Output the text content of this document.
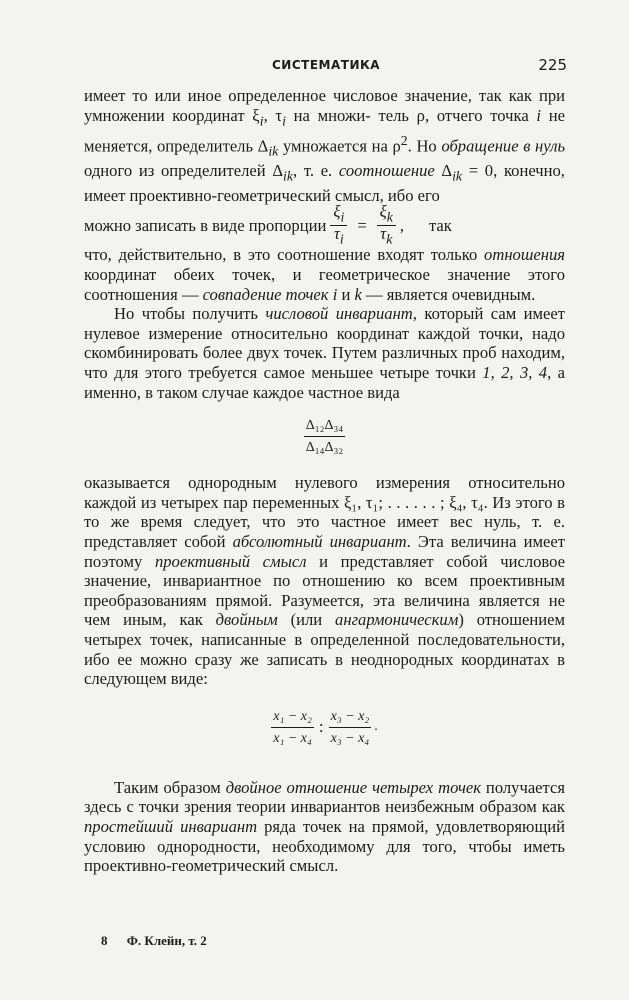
СИСТЕМАТИКА	225

имеет то или иное определенное числовое значение, так как при умножении координат $\xi_i$, $\tau_i$ на множи- тель ρ, отчего точка i не меняется, определитель $\Delta_{ik}$ умножается на $\rho^2$. Но обращение в нуль одного из определителей $\Delta_{ik}$, т. е. соотношение $\Delta_{ik} = 0$, конечно, имеет проективно-геометрический смысл, ибо его

можно записать в виде пропорции $\frac{\xi_i}{\tau_i} = \frac{\xi_k}{\tau_k}$ ,      так

что, действительно, в это соотношение входят только отношения координат обеих точек, и геометрическое значение этого соотношения — совпадение точек i и k — является очевидным.

Но чтобы получить числовой инвариант, который сам имеет нулевое измерение относительно координат каждой точки, надо скомбинировать более двух точек. Путем различных проб находим, что для этого требуется самое меньшее четыре точки 1, 2, 3, 4, а именно, в таком случае каждое частное вида

$\frac{\text{Δ₁₂Δ₃₄}}{\text{Δ₁₄Δ₃₂}}$

оказывается однородным нулевого измерения относительно каждой из четырех пар переменных ξ₁, τ₁; . . . . . . ; ξ₄, τ₄. Из этого в то же время следует, что это частное имеет вес нуль, т. е. представляет собой абсолютный инвариант. Эта величина имеет поэтому проективный смысл и представляет собой числовое значение, инвариантное по отношению ко всем проективным преобразованиям прямой. Разумеется, эта величина является не чем иным, как двойным (или ангармоническим) отношением четырех точек, написанные в определенной последовательности, ибо ее можно сразу же записать в неоднородных координатах в следующем виде:

$\frac{\text{x₁ − x₂}}{\text{x₁ − x₄}}$ : $\frac{\text{x₃ − x₂}}{\text{x₃ − x₄}}$ .

Таким образом двойное отношение четырех точек получается здесь с точки зрения теории инвариантов неизбежным образом как простейший инвариант ряда точек на прямой, удовлетворяющий условию однородности, необходимому для того, чтобы иметь проективно-геометрический смысл.

8 Ф. Клейн, т. 2
